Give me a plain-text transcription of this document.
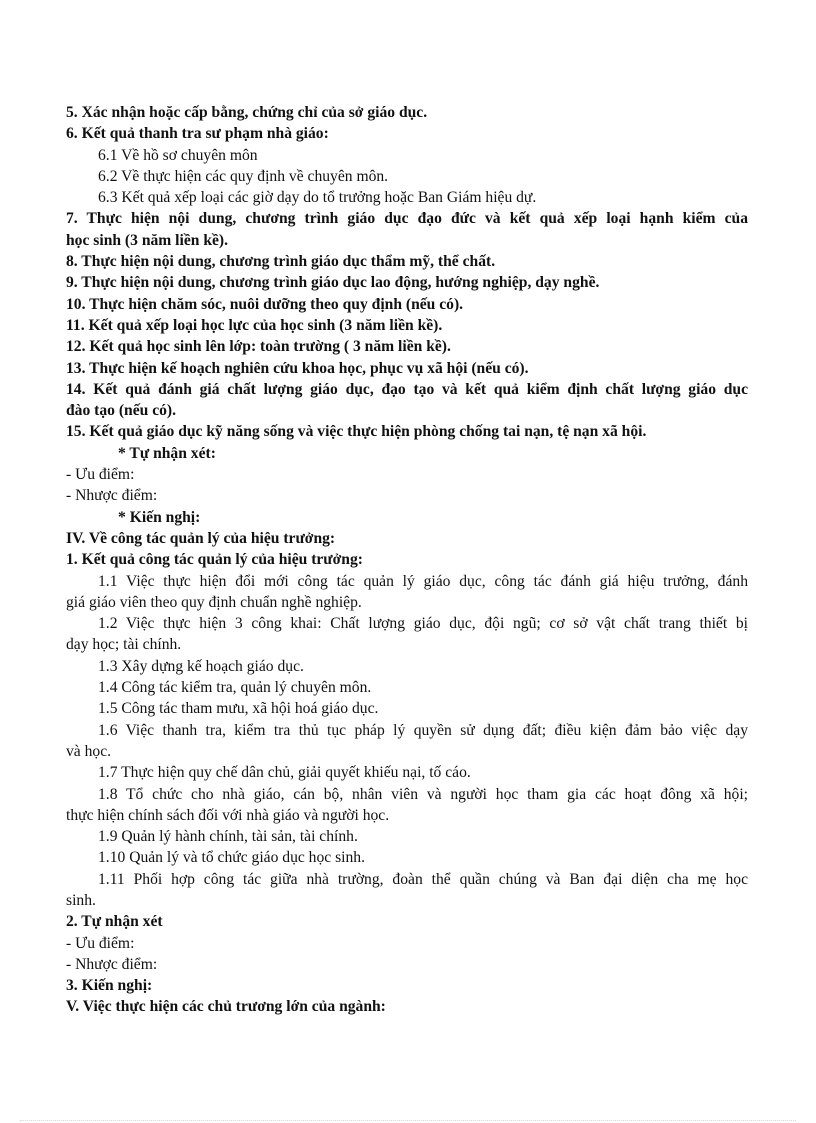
5. Xác nhận hoặc cấp bằng, chứng chỉ của sở giáo dục.
6. Kết quả thanh tra sư phạm nhà giáo:
6.1 Về hồ sơ chuyên môn
6.2 Về thực hiện các quy định về chuyên môn.
6.3 Kết quả xếp loại các giờ dạy do tổ trưởng hoặc Ban Giám hiệu dự.
7. Thực hiện nội dung, chương trình giáo dục đạo đức và kết quả xếp loại hạnh kiểm của
học sinh (3 năm liền kề).
8. Thực hiện nội dung, chương trình giáo dục thẩm mỹ, thể chất.
9. Thực hiện nội dung, chương trình giáo dục lao động, hướng nghiệp, dạy nghề.
10. Thực hiện chăm sóc, nuôi dưỡng theo quy định (nếu có).
11. Kết quả xếp loại học lực của học sinh (3 năm liền kề).
12. Kết quả học sinh lên lớp: toàn trường ( 3 năm liền kề).
13. Thực hiện kế hoạch nghiên cứu khoa học, phục vụ xã hội (nếu có).
14. Kết quả đánh giá chất lượng giáo dục, đạo tạo và kết quả kiểm định chất lượng giáo dục
đào tạo (nếu có).
15. Kết quả giáo dục kỹ năng sống và việc thực hiện phòng chống tai nạn, tệ nạn xã hội.
* Tự nhận xét:
- Ưu điểm:
- Nhược điểm:
* Kiến nghị:
IV. Về công tác quản lý của hiệu trưởng:
1. Kết quả công tác quản lý của hiệu trưởng:
1.1 Việc thực hiện đổi mới công tác quản lý giáo dục, công tác đánh giá hiệu trưởng, đánh
giá giáo viên theo quy định chuẩn nghề nghiệp.
1.2 Việc thực hiện 3 công khai: Chất lượng giáo dục, đội ngũ; cơ sở vật chất trang thiết bị
dạy học; tài chính.
1.3 Xây dựng kế hoạch giáo dục.
1.4 Công tác kiểm tra, quản lý chuyên môn.
1.5 Công tác tham mưu, xã hội hoá giáo dục.
1.6 Việc thanh tra, kiểm tra thủ tục pháp lý quyền sử dụng đất; điều kiện đảm bảo việc dạy
và học.
1.7 Thực hiện quy chế dân chủ, giải quyết khiếu nại, tố cáo.
1.8 Tổ chức cho nhà giáo, cán bộ, nhân viên và người học tham gia các hoạt đông xã hội;
thực hiện chính sách đối với nhà giáo và người học.
1.9 Quản lý hành chính, tài sản, tài chính.
1.10 Quản lý và tổ chức giáo dục học sinh.
1.11 Phối hợp công tác giữa nhà trường, đoàn thể quần chúng và Ban đại diện cha mẹ học
sinh.
2. Tự nhận xét
- Ưu điểm:
- Nhược điểm:
3. Kiến nghị:
V. Việc thực hiện các chủ trương lớn của ngành:
